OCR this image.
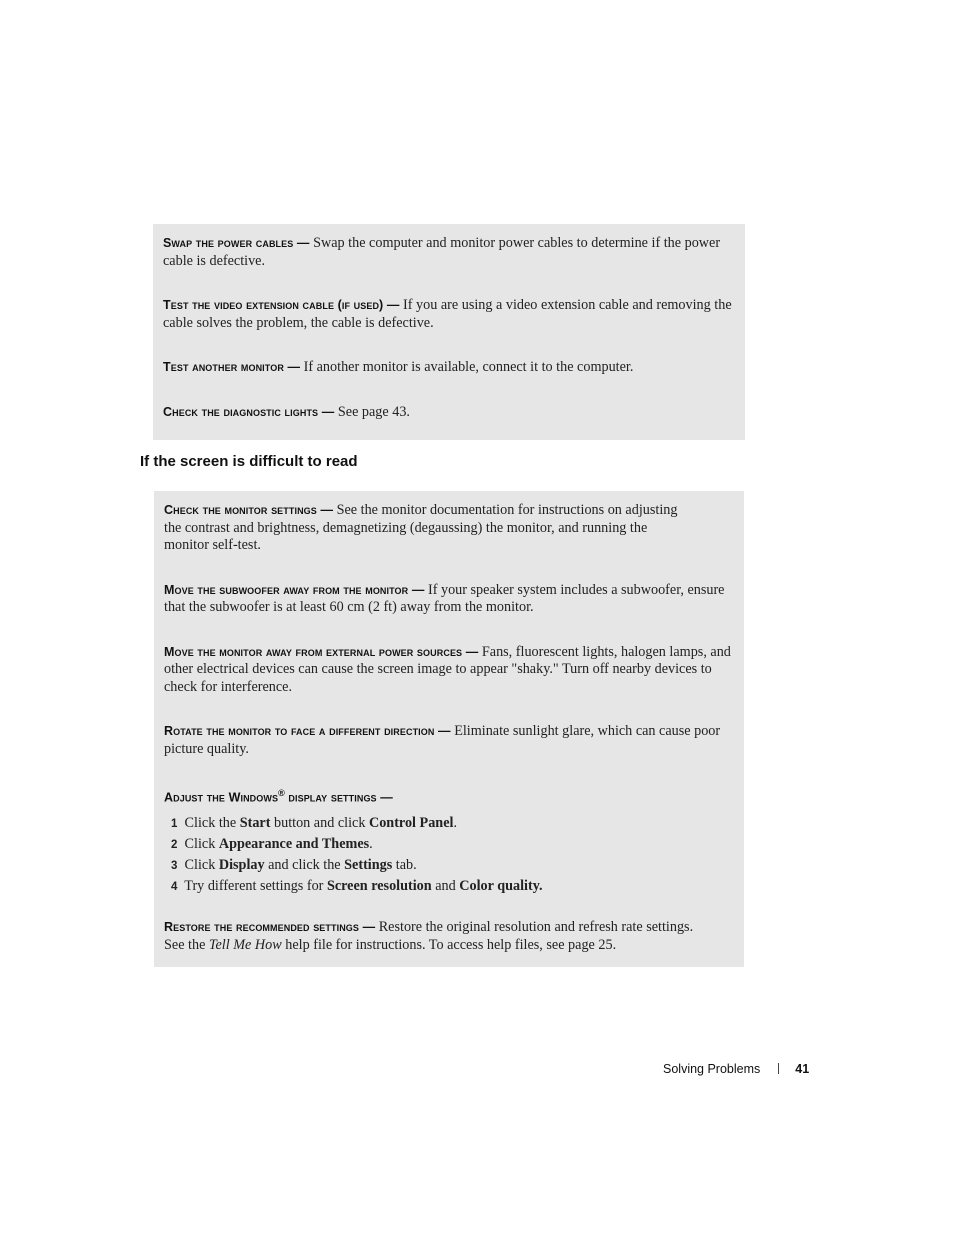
Swap the power cables — Swap the computer and monitor power cables to determine if the power cable is defective.

Test the video extension cable (if used) — If you are using a video extension cable and removing the cable solves the problem, the cable is defective.

Test another monitor — If another monitor is available, connect it to the computer.

Check the diagnostic lights — See page 43.

If the screen is difficult to read

Check the monitor settings — See the monitor documentation for instructions on adjusting
the contrast and brightness, demagnetizing (degaussing) the monitor, and running the
monitor self-test.

Move the subwoofer away from the monitor — If your speaker system includes a subwoofer, ensure that the subwoofer is at least 60 cm (2 ft) away from the monitor.

Move the monitor away from external power sources — Fans, fluorescent lights, halogen lamps, and other electrical devices can cause the screen image to appear "shaky." Turn off nearby devices to check for interference.

Rotate the monitor to face a different direction — Eliminate sunlight glare, which can cause poor picture quality.

Adjust the Windows® display settings —

1 Click the Start button and click Control Panel.
2 Click Appearance and Themes.
3 Click Display and click the Settings tab.
4 Try different settings for Screen resolution and Color quality.

Restore the recommended settings — Restore the original resolution and refresh rate settings.
See the Tell Me How help file for instructions. To access help files, see page 25.

Solving Problems	41
